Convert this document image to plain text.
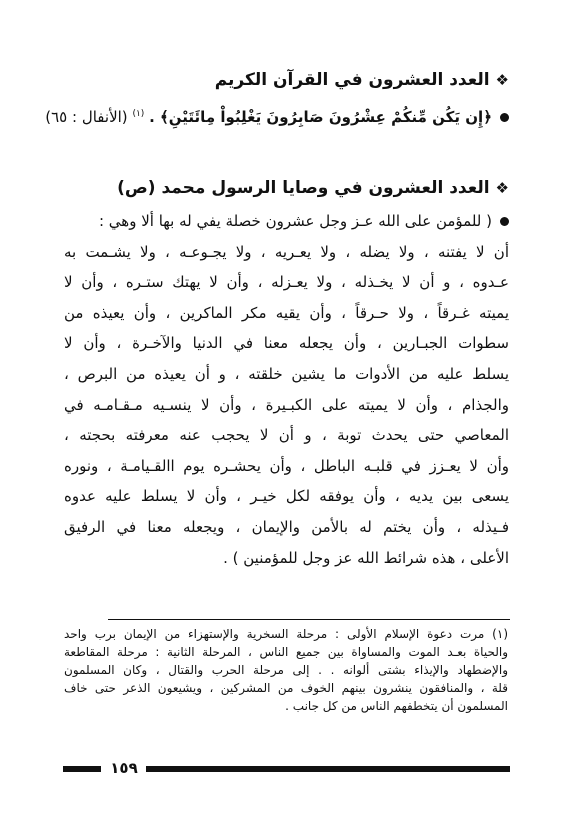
❖العدد العشرون في القرآن الكريم
﴿إِن يَكُن مِّنكُمْ عِشْرُونَ صَابِرُونَ يَغْلِبُواْ مِائَتَيْنِ﴾ . $^{(١)}$ (الأنفال : ٦٥)
❖العدد العشرون في وصايا الرسول محمد (ص)
( للمؤمن على الله عـز وجل عشرون خصلة يفي له بها ألا وهي :
أن لا يفتنه ، ولا يضله ، ولا يعـريه ، ولا يجـوعـه ، ولا يشـمت به
عـدوه ، و أن لا يخـذله ، ولا يعـزله ، وأن لا يهتك ستـره ، وأن لا
يميته غـرقاً ، ولا حـرقاً ، وأن يقيه مكر الماكرين ، وأن يعيذه من
سطوات الجبـارين ، وأن يجعله معنا في الدنيا والآخـرة ، وأن لا
يسلط عليه من الأدوات ما يشين خلقته ، و أن يعيذه من البرص ،
والجذام ، وأن لا يميته على الكبـيرة ، وأن لا ينسـيه مـقـامـه في
المعاصي حتى يحدث توبة ، و أن لا يحجب عنه معرفته بحجته ،
وأن لا يعـزز في قلبـه الباطل ، وأن يحشـره يوم االقـيامـة ، ونوره
يسعى بين يديه ، وأن يوفقه لكل خيـر ، وأن لا يسلط عليه عدوه
فـيذله ، وأن يختم له بالأمن والإيمان ، ويجعله معنا في الرفيق
الأعلى ، هذه شرائط الله عز وجل للمؤمنين ) .
(١) مرت دعوة الإسلام الأولى : مرحلة السخرية والإستهزاء من الإيمان برب واحد
والحياة بعـد الموت والمساواة بين جميع الناس ، المرحلة الثانية : مرحلة المقاطعة
والإضطهاد والإيذاء بشتى ألوانه . . إلى مرحلة الحرب والقتال ، وكان المسلمون
قلة ، والمنافقون ينشرون بينهم الخوف من المشركين ، ويشيعون الذعر حتى خاف
المسلمون أن يتخطفهم الناس من كل جانب .
١٥٩
